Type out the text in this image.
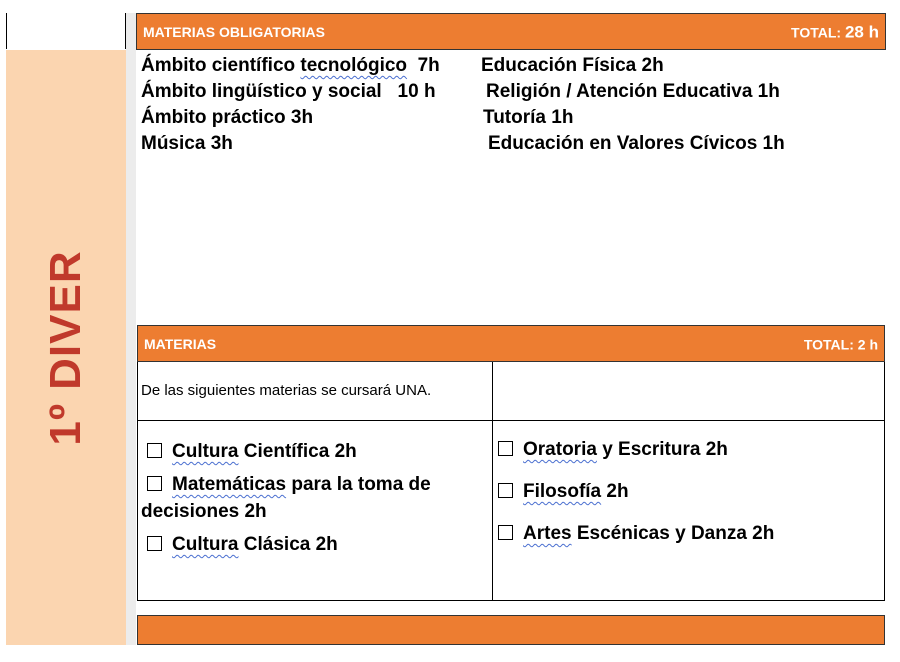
1º DIVER
MATERIAS OBLIGATORIAS	TOTAL: 28 h
Ámbito científico tecnológico  7h
Ámbito lingüístico y social   10 h
Ámbito práctico 3h
Música 3h
Educación Física 2h
Religión / Atención Educativa 1h
Tutoría 1h
Educación en Valores Cívicos 1h
MATERIAS	TOTAL: 2 h
De las siguientes materias se cursará UNA.
Cultura Científica 2h
Matemáticas para la toma de
decisiones 2h
Cultura Clásica 2h
Oratoria y Escritura 2h
Filosofía 2h
Artes Escénicas y Danza 2h
